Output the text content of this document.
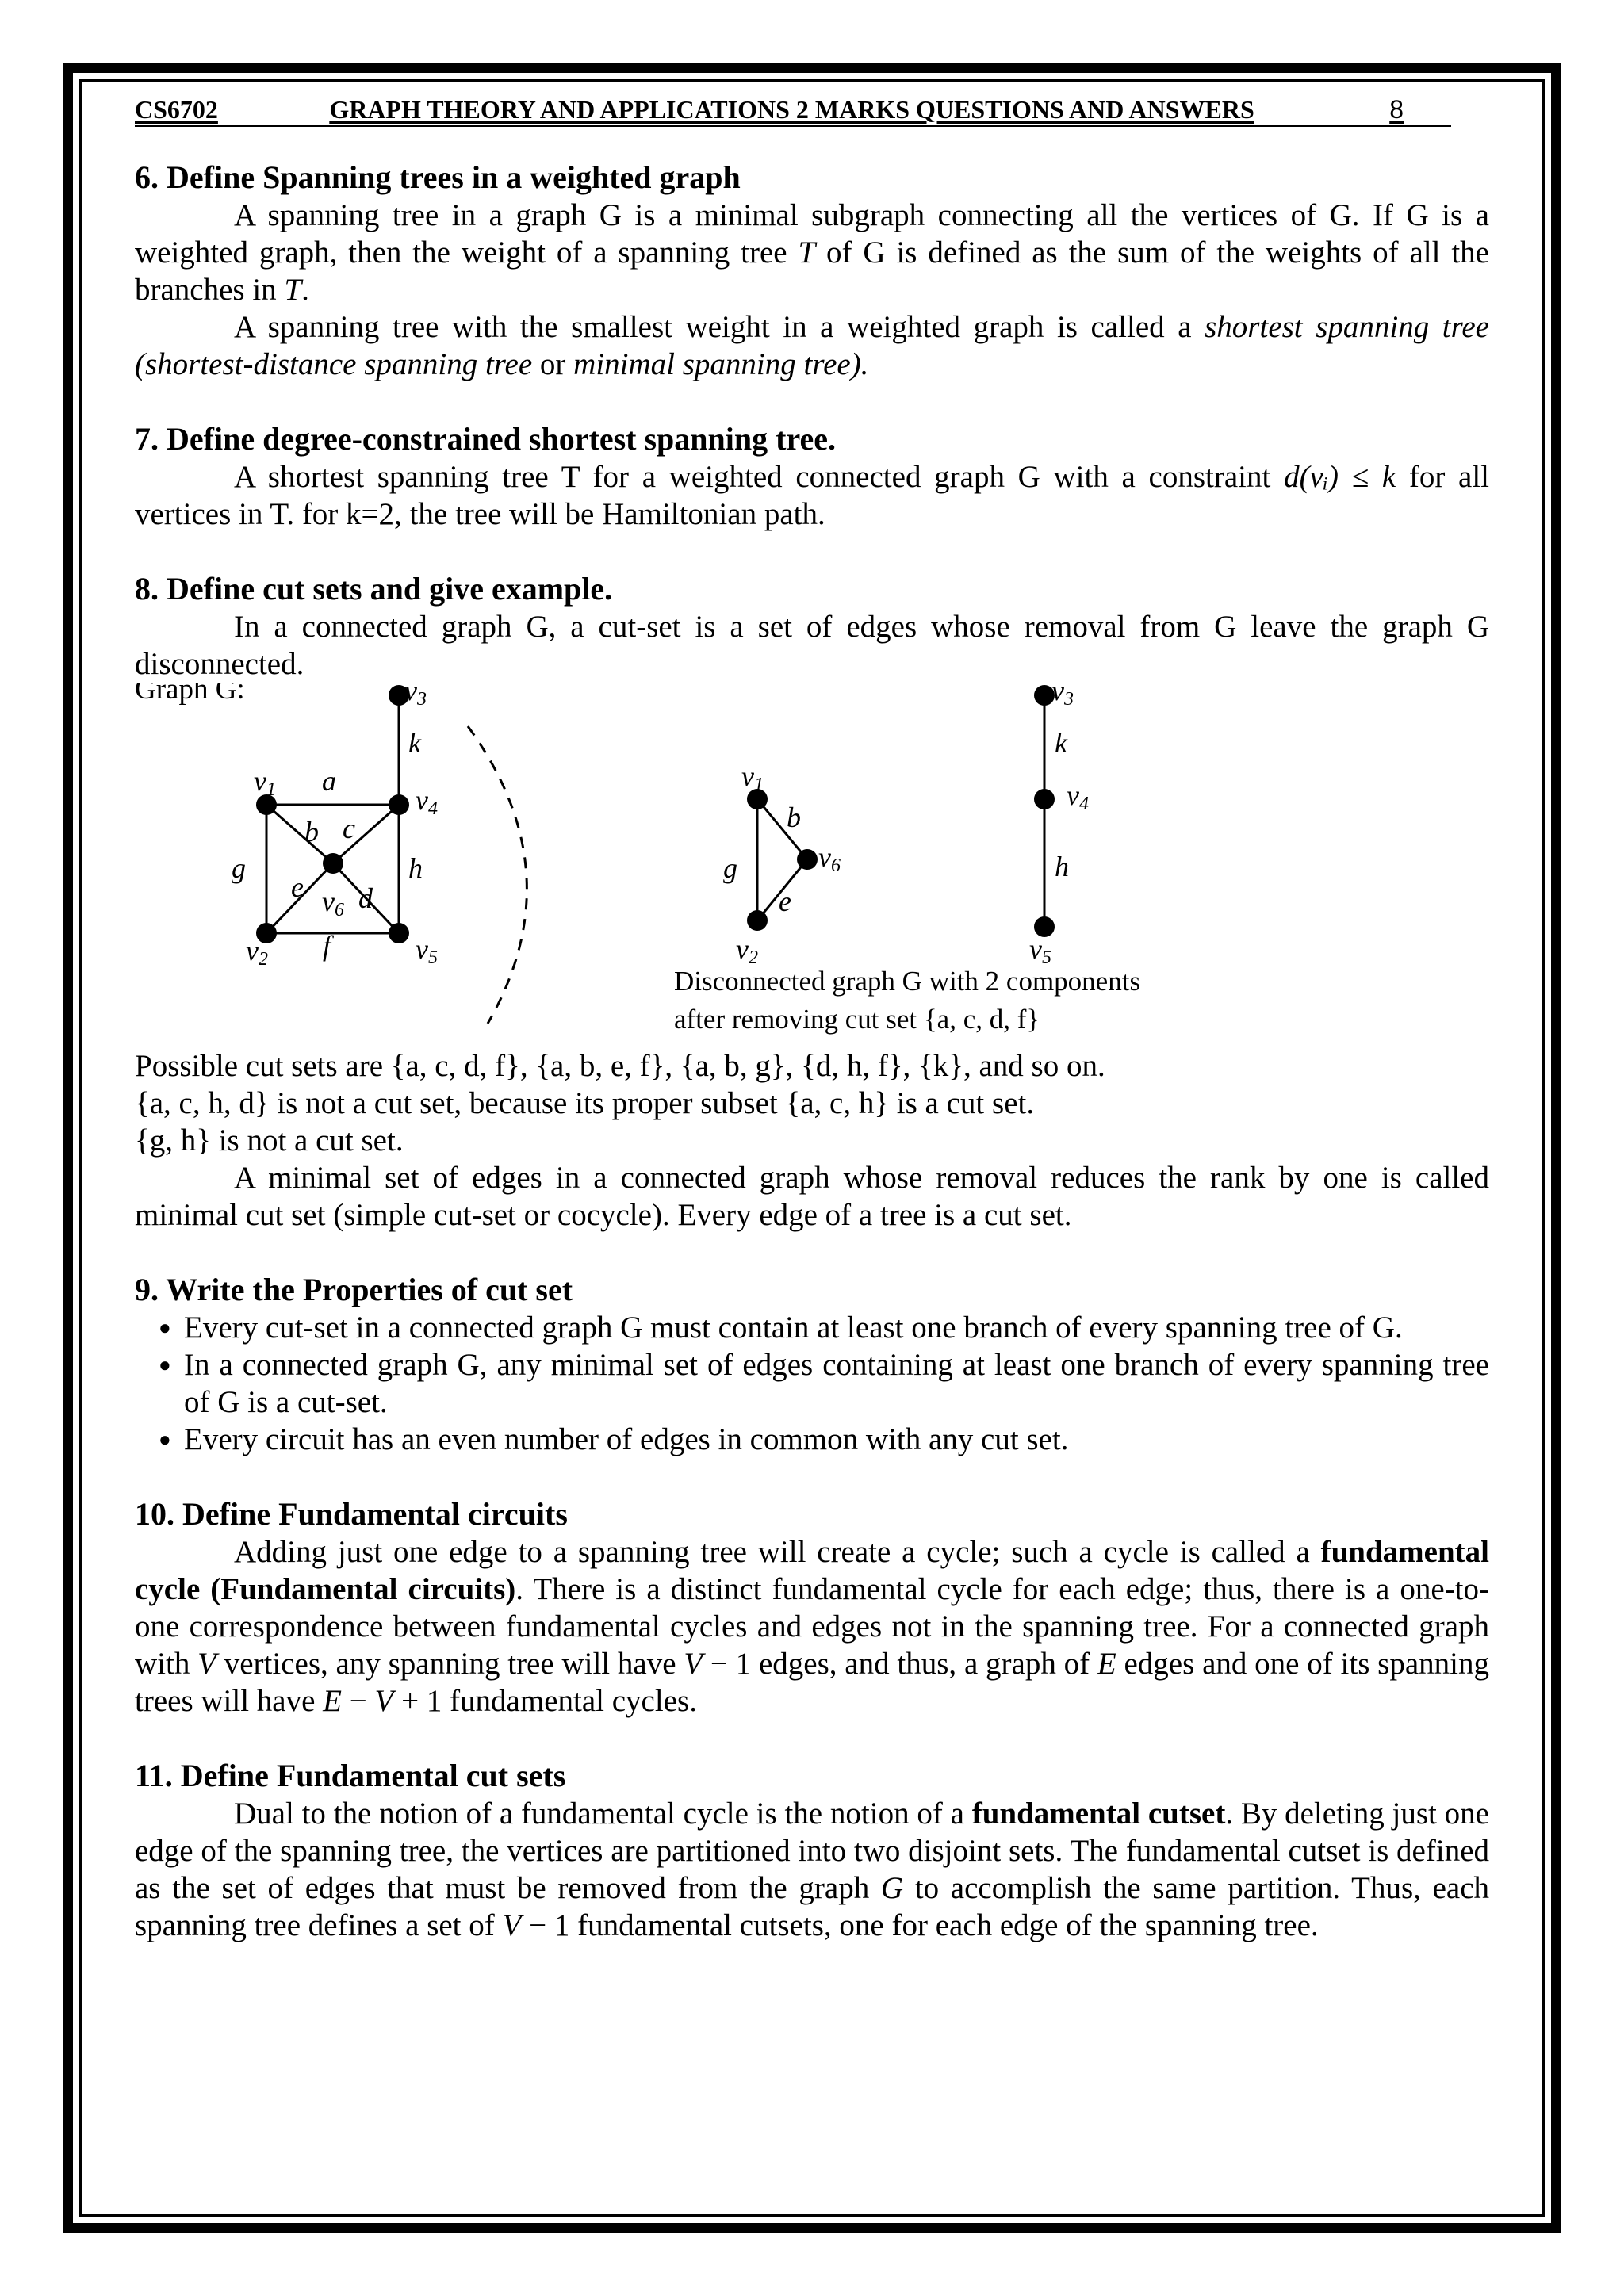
CS6702	GRAPH THEORY AND APPLICATIONS 2 MARKS QUESTIONS AND ANSWERS	8
6. Define Spanning trees in a weighted graph

A spanning tree in a graph G is a minimal subgraph connecting all the vertices of G. If G is a weighted graph, then the weight of a spanning tree T of G is defined as the sum of the weights of all the branches in T.

A spanning tree with the smallest weight in a weighted graph is called a shortest spanning tree (shortest-distance spanning tree or minimal spanning tree).

7. Define degree-constrained shortest spanning tree.

A shortest spanning tree T for a weighted connected graph G with a constraint d(vᵢ) ≤ k for all vertices in T. for k=2, the tree will be Hamiltonian path.

8. Define cut sets and give example.

In a connected graph G, a cut-set is a set of edges whose removal from G leave the graph G disconnected.

Graph G:	v3
v4
v5
v1
v2
v6
k
a
b c
g
e d
h
f
v1
v2
v6
b
g
e
v3
v4
v5
k
h
Disconnected graph G with 2 components
after removing cut set {a, c, d, f}

Possible cut sets are {a, c, d, f}, {a, b, e, f}, {a, b, g}, {d, h, f}, {k}, and so on.

{a, c, h, d} is not a cut set, because its proper subset {a, c, h} is a cut set.

{g, h} is not a cut set.

A minimal set of edges in a connected graph whose removal reduces the rank by one is called minimal cut set (simple cut-set or cocycle). Every edge of a tree is a cut set.

9. Write the Properties of cut set
● Every cut-set in a connected graph G must contain at least one branch of every spanning tree of G.
● In a connected graph G, any minimal set of edges containing at least one branch of every spanning tree of G is a cut-set.
● Every circuit has an even number of edges in common with any cut set.
10. Define Fundamental circuits

Adding just one edge to a spanning tree will create a cycle; such a cycle is called a fundamental cycle (Fundamental circuits). There is a distinct fundamental cycle for each edge; thus, there is a one-to-one correspondence between fundamental cycles and edges not in the spanning tree. For a connected graph with V vertices, any spanning tree will have V − 1 edges, and thus, a graph of E edges and one of its spanning trees will have E − V + 1 fundamental cycles.

11. Define Fundamental cut sets

Dual to the notion of a fundamental cycle is the notion of a fundamental cutset. By deleting just one edge of the spanning tree, the vertices are partitioned into two disjoint sets. The fundamental cutset is defined as the set of edges that must be removed from the graph G to accomplish the same partition. Thus, each spanning tree defines a set of V − 1 fundamental cutsets, one for each edge of the spanning tree.
